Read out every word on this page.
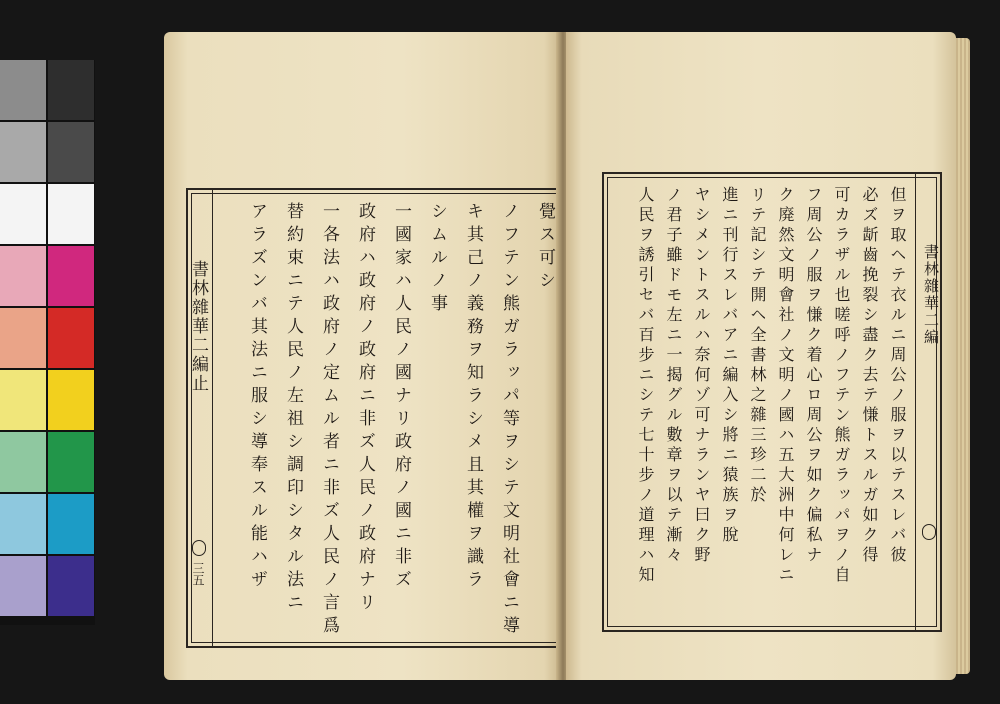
書林雜華二編止
三五
覺ス可シ
ノフテン熊ガラッパ等ヲシテ文明社會ニ導
キ其己ノ義務ヲ知ラシメ且其權ヲ識ラ
シムルノ事
一國家ハ人民ノ國ナリ政府ノ國ニ非ズ
政府ハ政府ノ政府ニ非ズ人民ノ政府ナリ
一各法ハ政府ノ定ムル者ニ非ズ人民ノ言爲
替約束ニテ人民ノ左祖シ調印シタル法ニ
アラズンバ其法ニ服シ導奉スル能ハザ	書林雜華二編
但ヲ取ヘテ衣ルニ周公ノ服ヲ以テスレバ彼
必ズ龂齒挽裂シ盡ク去テ慊トスルガ如ク得
可カラザル也嗟呼ノフテン熊ガラッパヲノ自
フ周公ノ服ヲ慊ク着心ロ周公ヲ如ク偏私ナ
ク廃然文明會社ノ文明ノ國ハ五大洲中何レニ
リテ記シテ開ヘ全書林之雜三珍二於
進ニ刊行スレバアニ編入シ將ニ猿族ヲ脫
ヤシメントスルハ奈何ゾ可ナランヤ曰ク野
ノ君子雖ドモ左ニ一揭グル數章ヲ以テ漸々
人民ヲ誘引セバ百步ニシテ七十步ノ道理ハ知
